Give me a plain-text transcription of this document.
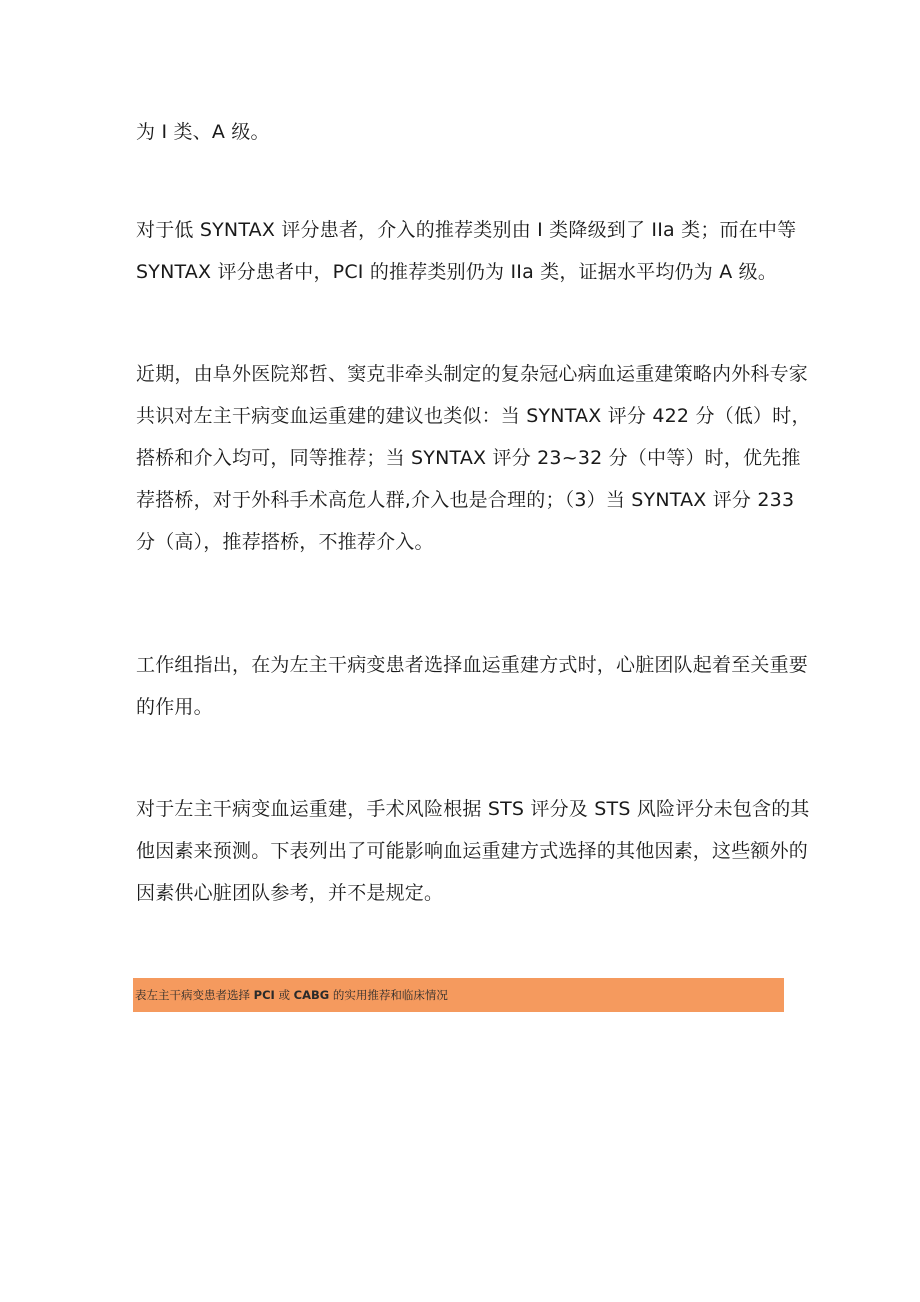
为 I 类、A 级。

对于低 SYNTAX 评分患者，介入的推荐类别由 I 类降级到了 IIa 类；而在中等
SYNTAX 评分患者中，PCI 的推荐类别仍为 IIa 类，证据水平均仍为 A 级。

近期，由阜外医院郑哲、窦克非牵头制定的复杂冠心病血运重建策略内外科专家
共识对左主干病变血运重建的建议也类似：当 SYNTAX 评分 422 分（低）时，
搭桥和介入均可，同等推荐；当 SYNTAX 评分 23~32 分（中等）时，优先推
荐搭桥，对于外科手术高危人群,介入也是合理的；（3）当 SYNTAX 评分 233
分（高），推荐搭桥，不推荐介入。

工作组指出，在为左主干病变患者选择血运重建方式时，心脏团队起着至关重要
的作用。

对于左主干病变血运重建，手术风险根据 STS 评分及 STS 风险评分未包含的其
他因素来预测。下表列出了可能影响血运重建方式选择的其他因素，这些额外的
因素供心脏团队参考，并不是规定。

表左主干病变患者选择 PCI 或 CABG 的实用推荐和临床情况
